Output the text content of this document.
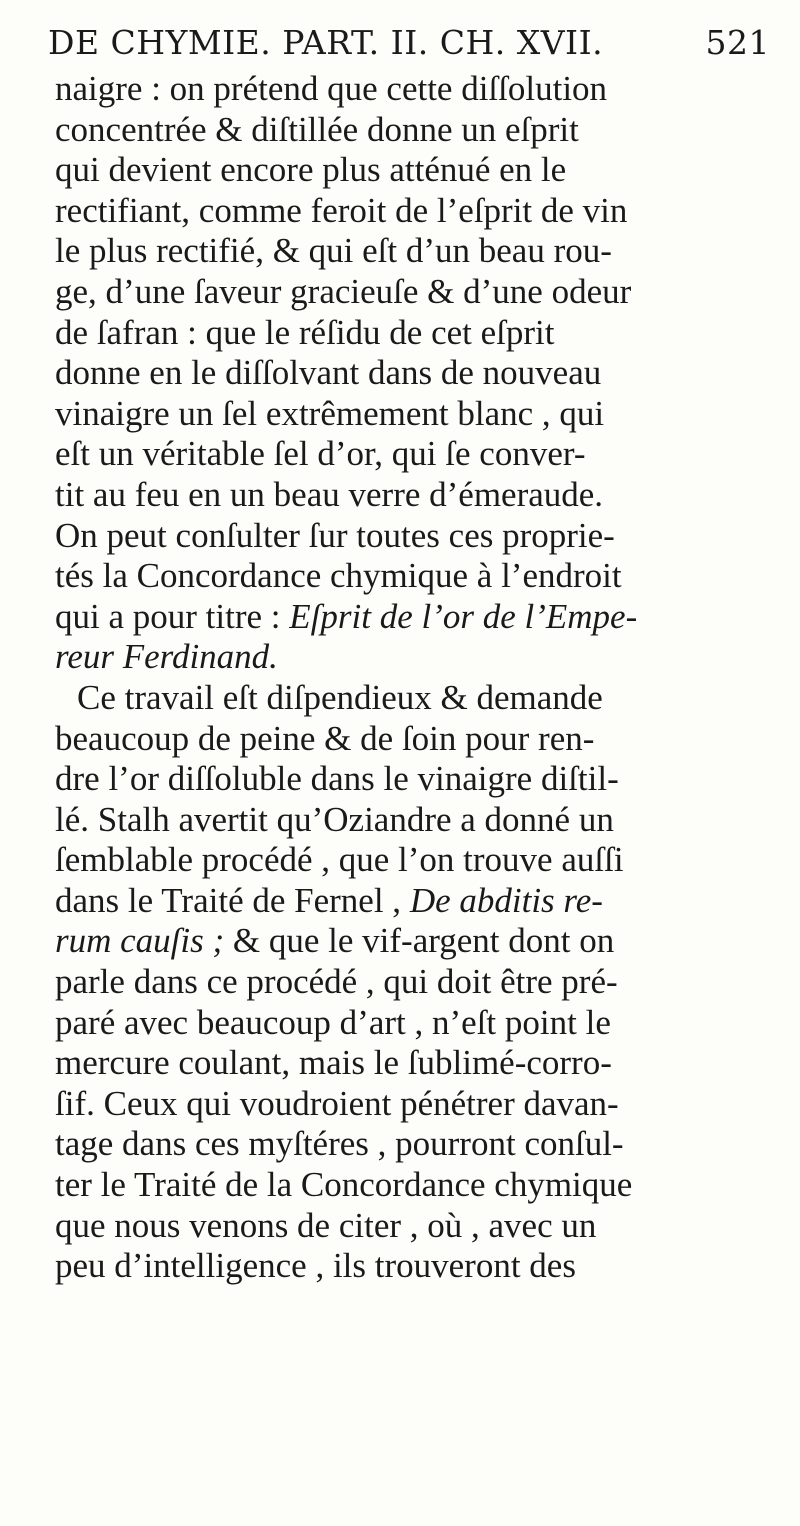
DE CHYMIE. PART. II. CH. XVII.	521
naigre : on prétend que cette diſſolution
concentrée & diſtillée donne un eſprit
qui devient encore plus atténué en le
rectifiant, comme feroit de l’eſprit de vin
le plus rectifié, & qui eſt d’un beau rou-
ge, d’une ſaveur gracieuſe & d’une odeur
de ſafran : que le réſidu de cet eſprit
donne en le diſſolvant dans de nouveau
vinaigre un ſel extrêmement blanc , qui
eſt un véritable ſel d’or, qui ſe conver-
tit au feu en un beau verre d’émeraude.
On peut conſulter ſur toutes ces proprie-
tés la Concordance chymique à l’endroit
qui a pour titre : Eſprit de l’or de l’Empe-
reur Ferdinand.
Ce travail eſt diſpendieux & demande
beaucoup de peine & de ſoin pour ren-
dre l’or diſſoluble dans le vinaigre diſtil-
lé. Stalh avertit qu’Oziandre a donné un
ſemblable procédé , que l’on trouve auſſi
dans le Traité de Fernel , De abditis re-
rum cauſis ; & que le vif-argent dont on
parle dans ce procédé , qui doit être pré-
paré avec beaucoup d’art , n’eſt point le
mercure coulant, mais le ſublimé-corro-
ſif. Ceux qui voudroient pénétrer davan-
tage dans ces myſtéres , pourront conſul-
ter le Traité de la Concordance chymique
que nous venons de citer , où , avec un
peu d’intelligence , ils trouveront des
